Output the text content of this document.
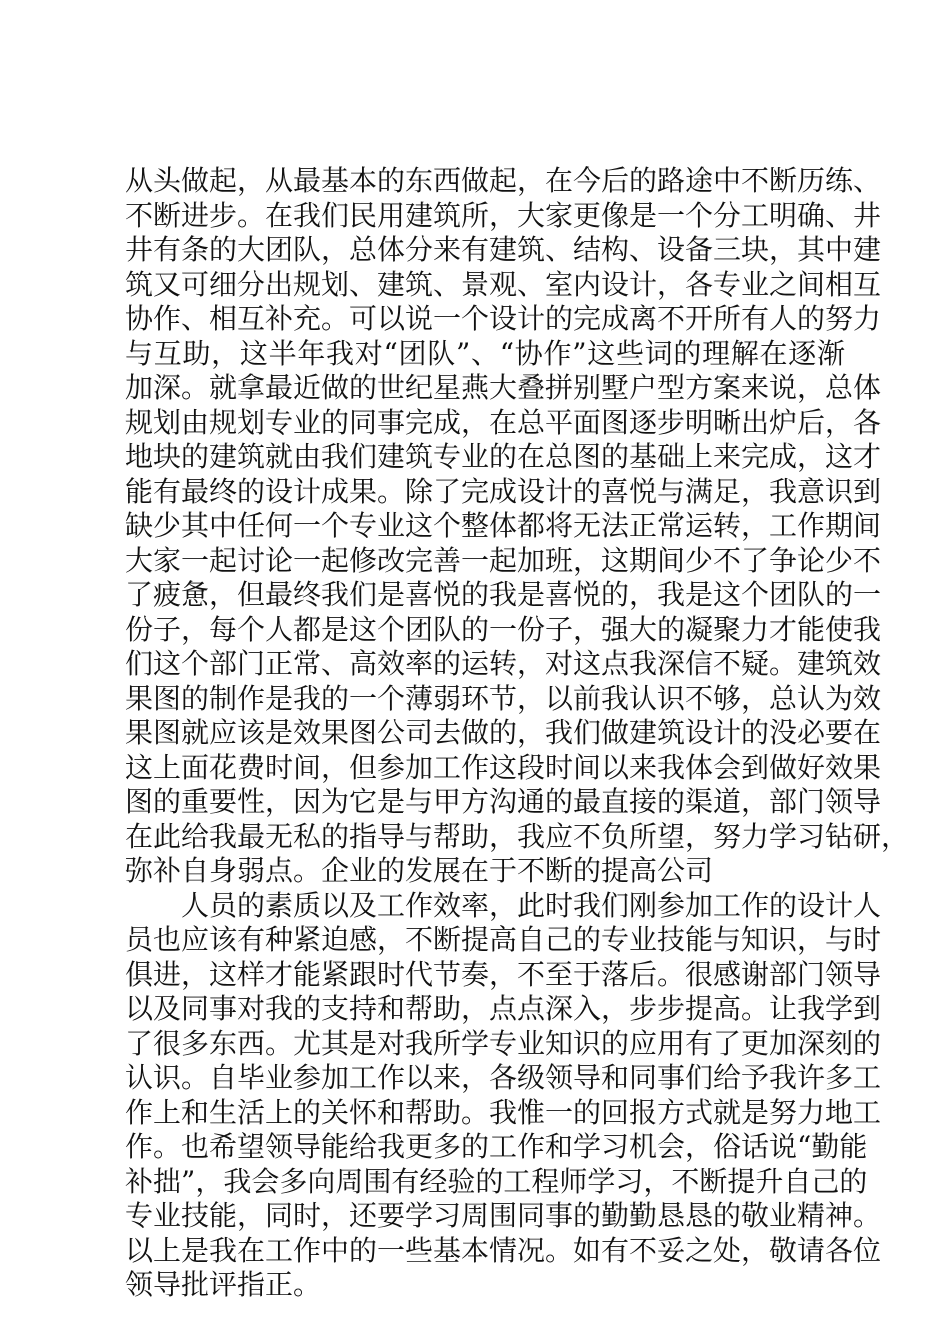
从头做起，从最基本的东西做起，在今后的路途中不断历练、
不断进步。在我们民用建筑所，大家更像是一个分工明确、井
井有条的大团队，总体分来有建筑、结构、设备三块，其中建
筑又可细分出规划、建筑、景观、室内设计，各专业之间相互
协作、相互补充。可以说一个设计的完成离不开所有人的努力
与互助，这半年我对“团队”、“协作”这些词的理解在逐渐
加深。就拿最近做的世纪星燕大叠拼别墅户型方案来说，总体
规划由规划专业的同事完成，在总平面图逐步明晰出炉后，各
地块的建筑就由我们建筑专业的在总图的基础上来完成，这才
能有最终的设计成果。除了完成设计的喜悦与满足，我意识到
缺少其中任何一个专业这个整体都将无法正常运转，工作期间
大家一起讨论一起修改完善一起加班，这期间少不了争论少不
了疲惫，但最终我们是喜悦的我是喜悦的，我是这个团队的一
份子，每个人都是这个团队的一份子，强大的凝聚力才能使我
们这个部门正常、高效率的运转，对这点我深信不疑。建筑效
果图的制作是我的一个薄弱环节，以前我认识不够，总认为效
果图就应该是效果图公司去做的，我们做建筑设计的没必要在
这上面花费时间，但参加工作这段时间以来我体会到做好效果
图的重要性，因为它是与甲方沟通的最直接的渠道，部门领导
在此给我最无私的指导与帮助，我应不负所望，努力学习钻研，
弥补自身弱点。企业的发展在于不断的提高公司
　　人员的素质以及工作效率，此时我们刚参加工作的设计人
员也应该有种紧迫感，不断提高自己的专业技能与知识，与时
俱进，这样才能紧跟时代节奏，不至于落后。很感谢部门领导
以及同事对我的支持和帮助，点点深入，步步提高。让我学到
了很多东西。尤其是对我所学专业知识的应用有了更加深刻的
认识。自毕业参加工作以来，各级领导和同事们给予我许多工
作上和生活上的关怀和帮助。我惟一的回报方式就是努力地工
作。也希望领导能给我更多的工作和学习机会，俗话说“勤能
补拙”，我会多向周围有经验的工程师学习，不断提升自己的
专业技能，同时，还要学习周围同事的勤勤恳恳的敬业精神。
以上是我在工作中的一些基本情况。如有不妥之处，敬请各位
领导批评指正。
